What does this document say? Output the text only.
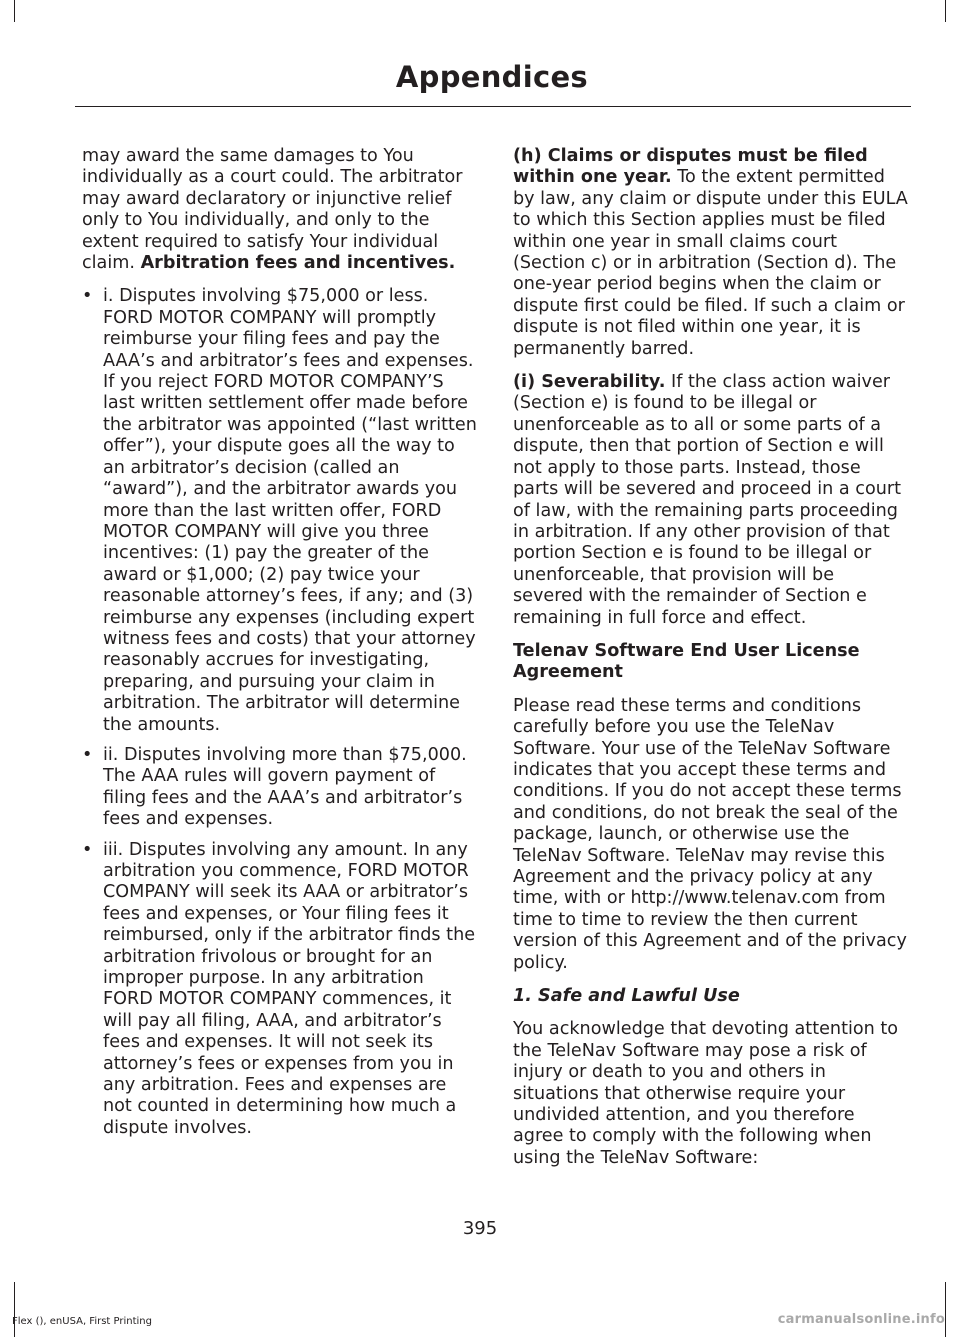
Appendices

may award the same damages to You individually as a court could. The arbitrator may award declaratory or injunctive relief only to You individually, and only to the extent required to satisfy Your individual claim. Arbitration fees and incentives.

• i. Disputes involving $75,000 or less. FORD MOTOR COMPANY will promptly reimburse your filing fees and pay the AAA’s and arbitrator’s fees and expenses. If you reject FORD MOTOR COMPANY’S last written settlement offer made before the arbitrator was appointed (“last written offer”), your dispute goes all the way to an arbitrator’s decision (called an “award”), and the arbitrator awards you more than the last written offer, FORD MOTOR COMPANY will give you three incentives: (1) pay the greater of the award or $1,000; (2) pay twice your reasonable attorney’s fees, if any; and (3) reimburse any expenses (including expert witness fees and costs) that your attorney reasonably accrues for investigating, preparing, and pursuing your claim in arbitration. The arbitrator will determine the amounts.
• ii. Disputes involving more than $75,000. The AAA rules will govern payment of filing fees and the AAA’s and arbitrator’s fees and expenses.
• iii. Disputes involving any amount. In any arbitration you commence, FORD MOTOR COMPANY will seek its AAA or arbitrator’s fees and expenses, or Your filing fees it reimbursed, only if the arbitrator finds the arbitration frivolous or brought for an improper purpose. In any arbitration FORD MOTOR COMPANY commences, it will pay all filing, AAA, and arbitrator’s fees and expenses. It will not seek its attorney’s fees or expenses from you in any arbitration. Fees and expenses are not counted in determining how much a dispute involves.

(h) Claims or disputes must be filed within one year. To the extent permitted by law, any claim or dispute under this EULA to which this Section applies must be filed within one year in small claims court (Section c) or in arbitration (Section d). The one-year period begins when the claim or dispute first could be filed. If such a claim or dispute is not filed within one year, it is permanently barred.

(i) Severability. If the class action waiver (Section e) is found to be illegal or unenforceable as to all or some parts of a dispute, then that portion of Section e will not apply to those parts. Instead, those parts will be severed and proceed in a court of law, with the remaining parts proceeding in arbitration. If any other provision of that portion Section e is found to be illegal or unenforceable, that provision will be severed with the remainder of Section e remaining in full force and effect.

Telenav Software End User License Agreement

Please read these terms and conditions carefully before you use the TeleNav Software. Your use of the TeleNav Software indicates that you accept these terms and conditions. If you do not accept these terms and conditions, do not break the seal of the package, launch, or otherwise use the TeleNav Software. TeleNav may revise this Agreement and the privacy policy at any time, with or http://www.telenav.com from time to time to review the then current version of this Agreement and of the privacy policy.

1. Safe and Lawful Use

You acknowledge that devoting attention to the TeleNav Software may pose a risk of injury or death to you and others in situations that otherwise require your undivided attention, and you therefore agree to comply with the following when using the TeleNav Software:

395
Flex (), enUSA, First Printing	carmanualsonline.info
